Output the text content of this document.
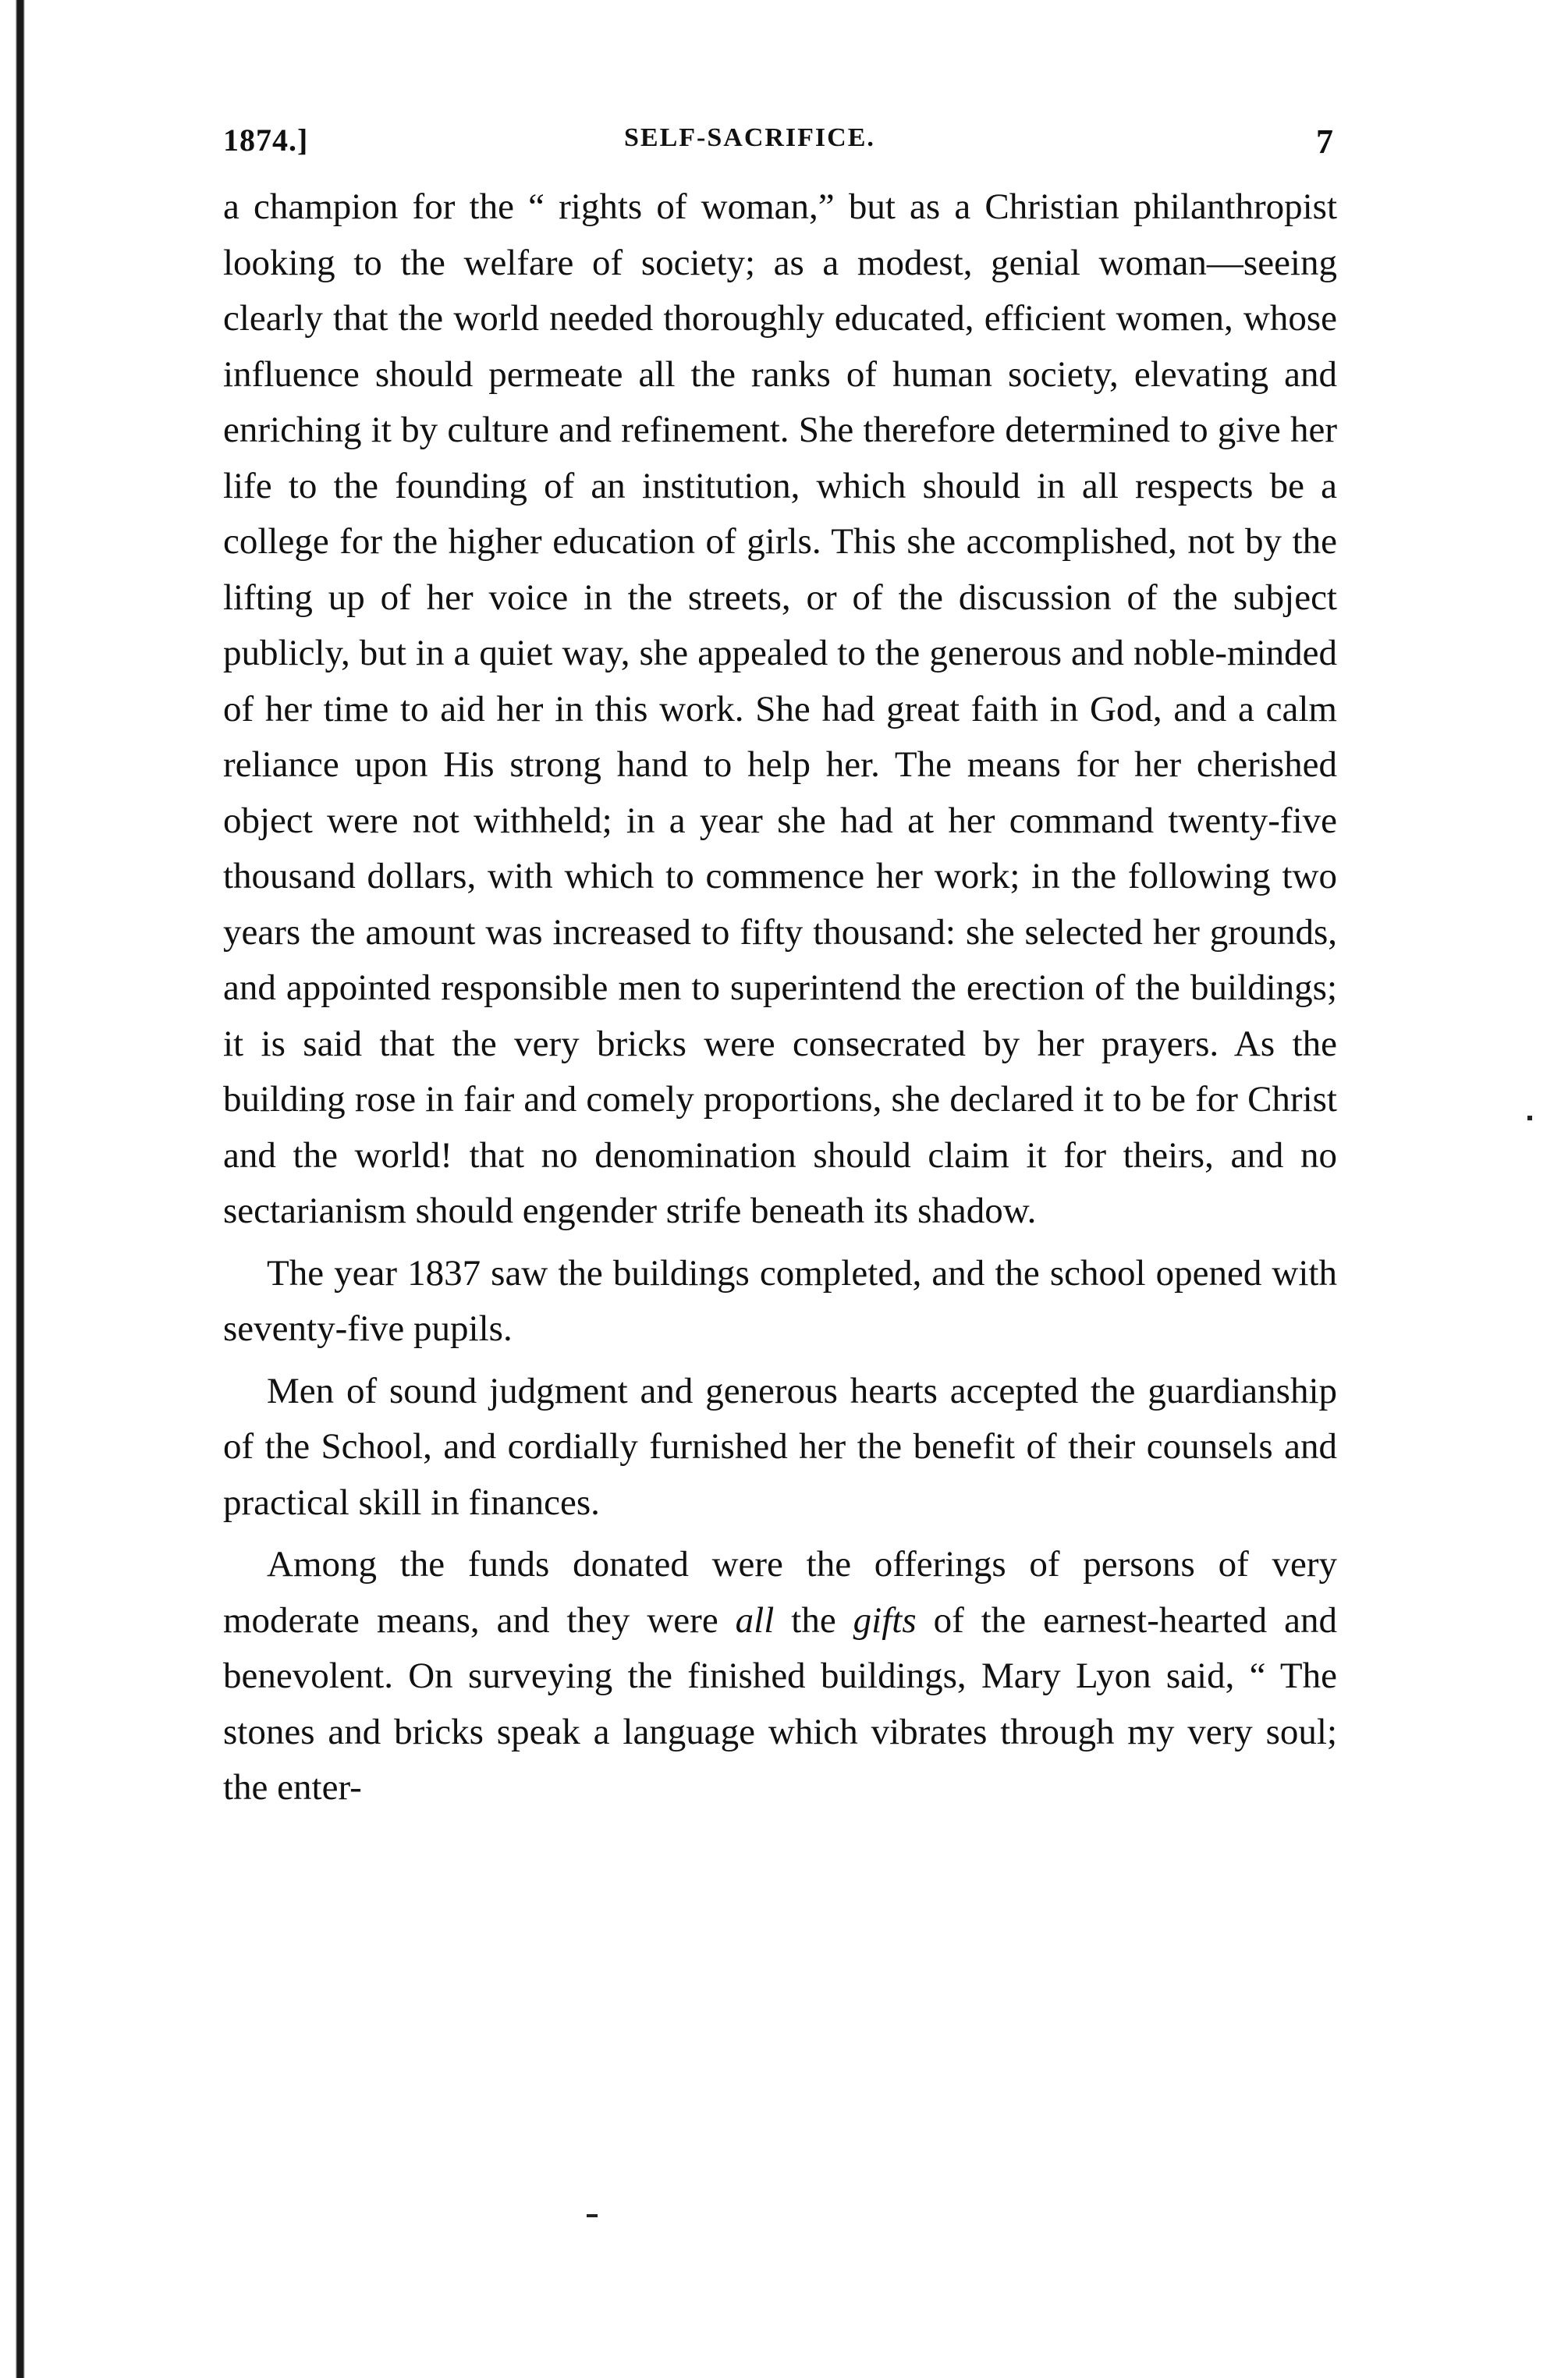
1874.]	SELF-SACRIFICE.	7

a champion for the “ rights of woman,” but as a Christian philanthropist looking to the welfare of society; as a modest, genial woman—seeing clearly that the world needed thoroughly educated, efficient women, whose influence should permeate all the ranks of human society, elevating and enriching it by culture and refinement. She therefore determined to give her life to the founding of an institution, which should in all respects be a college for the higher education of girls. This she accomplished, not by the lifting up of her voice in the streets, or of the discussion of the subject publicly, but in a quiet way, she appealed to the generous and noble-minded of her time to aid her in this work. She had great faith in God, and a calm reliance upon His strong hand to help her. The means for her cherished object were not withheld; in a year she had at her command twenty-five thousand dollars, with which to commence her work; in the following two years the amount was increased to fifty thousand: she selected her grounds, and appointed responsible men to superintend the erection of the buildings; it is said that the very bricks were consecrated by her prayers. As the building rose in fair and comely proportions, she declared it to be for Christ and the world! that no denomination should claim it for theirs, and no sectarianism should engender strife beneath its shadow.

The year 1837 saw the buildings completed, and the school opened with seventy-five pupils.

Men of sound judgment and generous hearts accepted the guardianship of the School, and cordially furnished her the benefit of their counsels and practical skill in finances.

Among the funds donated were the offerings of persons of very moderate means, and they were all the gifts of the earnest-hearted and benevolent. On surveying the finished buildings, Mary Lyon said, “ The stones and bricks speak a language which vibrates through my very soul; the enter-
